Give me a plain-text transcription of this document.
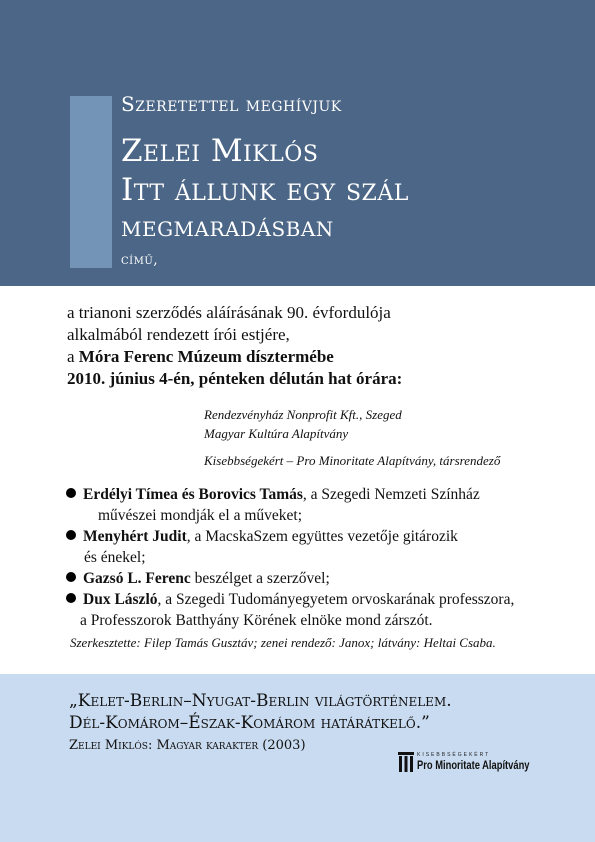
Szeretettel meghívjuk
Zelei Miklós
Itt állunk egy szál
megmaradásban
című,
a trianoni szerződés aláírásának 90. évfordulója
alkalmából rendezett írói estjére,
a Móra Ferenc Múzeum dísztermébe
2010. június 4-én, pénteken délután hat órára:
Rendezvényház Nonprofit Kft., Szeged
Magyar Kultúra Alapítvány
Kisebbségekért – Pro Minoritate Alapítvány, társrendező
Erdélyi Tímea és Borovics Tamás, a Szegedi Nemzeti Színház
művészei mondják el a műveket;
Menyhért Judit, a MacskaSzem együttes vezetője gitározik
és énekel;
Gazsó L. Ferenc beszélget a szerzővel;
Dux László, a Szegedi Tudományegyetem orvoskarának professzora,
a Professzorok Batthyány Körének elnöke mond zárszót.
Szerkesztette: Filep Tamás Gusztáv; zenei rendező: Janox; látvány: Heltai Csaba.
„Kelet-Berlin–Nyugat-Berlin világtörténelem.
Dél-Komárom–Észak-Komárom határátkelő.”
Zelei Miklós: Magyar karakter (2003)
KISEBBSÉGEKÉRT
Pro Minoritate Alapítvány
